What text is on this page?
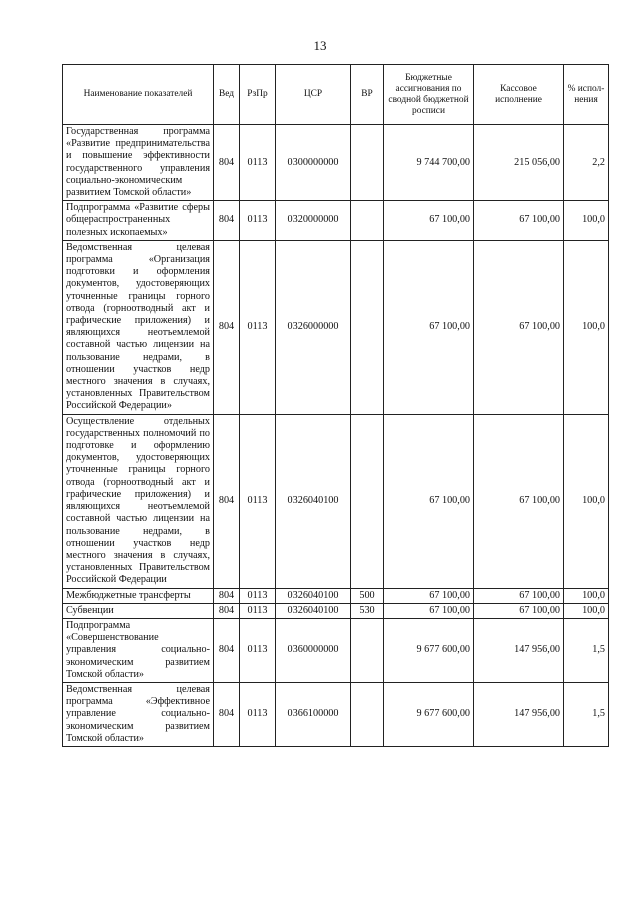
13
Наименование показателей	Вед	РзПр	ЦСР	ВР	Бюджетные ассигнования по сводной бюджетной росписи	Кассовое исполнение	% испол-нения
Государственная программа «Развитие предпринимательства и повышение эффективности государственного управления социально-экономическим развитием Томской области»	804	0113	0300000000		9 744 700,00	215 056,00	2,2
Подпрограмма «Развитие сферы общераспространенных полезных ископаемых»	804	0113	0320000000		67 100,00	67 100,00	100,0
Ведомственная целевая программа «Организация подготовки и оформления документов, удостоверяющих уточненные границы горного отвода (горноотводный акт и графические приложения) и являющихся неотъемлемой составной частью лицензии на пользование недрами, в отношении участков недр местного значения в случаях, установленных Правительством Российской Федерации»	804	0113	0326000000		67 100,00	67 100,00	100,0
Осуществление отдельных государственных полномочий по подготовке и оформлению документов, удостоверяющих уточненные границы горного отвода (горноотводный акт и графические приложения) и являющихся неотъемлемой составной частью лицензии на пользование недрами, в отношении участков недр местного значения в случаях, установленных Правительством Российской Федерации	804	0113	0326040100		67 100,00	67 100,00	100,0
Межбюджетные трансферты	804	0113	0326040100	500	67 100,00	67 100,00	100,0
Субвенции	804	0113	0326040100	530	67 100,00	67 100,00	100,0
Подпрограмма «Совершенствование управления социально-экономическим развитием Томской области»	804	0113	0360000000		9 677 600,00	147 956,00	1,5
Ведомственная целевая программа «Эффективное управление социально-экономическим развитием Томской области»	804	0113	0366100000		9 677 600,00	147 956,00	1,5
